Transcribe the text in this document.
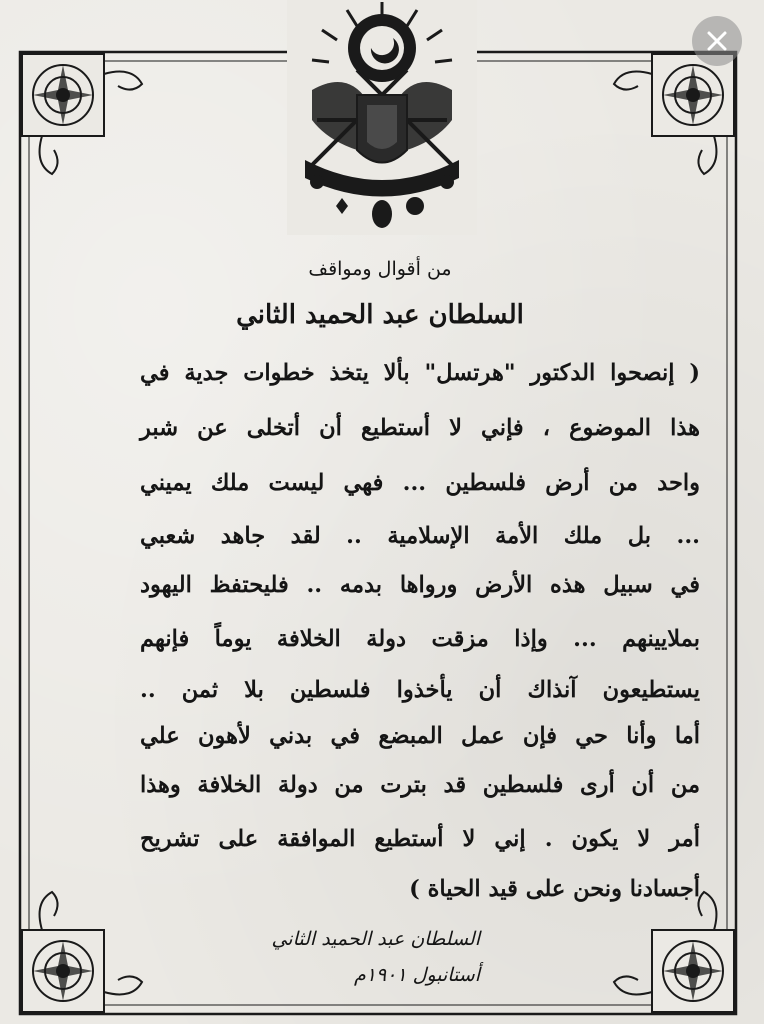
من أقوال ومواقف
السلطان عبد الحميد الثاني
( إنصحوا الدكتور "هرتسل" بألا يتخذ خطوات جدية في
هذا الموضوع ، فإني لا أستطيع أن أتخلى عن شبر
واحد من أرض فلسطين ... فهي ليست ملك يميني
... بل ملك الأمة الإسلامية .. لقد جاهد شعبي
في سبيل هذه الأرض ورواها بدمه .. فليحتفظ اليهود
بملايينهم ... وإذا مزقت دولة الخلافة يوماً فإنهم
يستطيعون آنذاك أن يأخذوا فلسطين بلا ثمن ..
أما وأنا حي فإن عمل المبضع في بدني لأهون علي
من أن أرى فلسطين قد بترت من دولة الخلافة وهذا
أمر لا يكون . إني لا أستطيع الموافقة على تشريح
أجسادنا ونحن على قيد الحياة )
السلطان عبد الحميد الثاني
أستانبول ١٩٠١م
